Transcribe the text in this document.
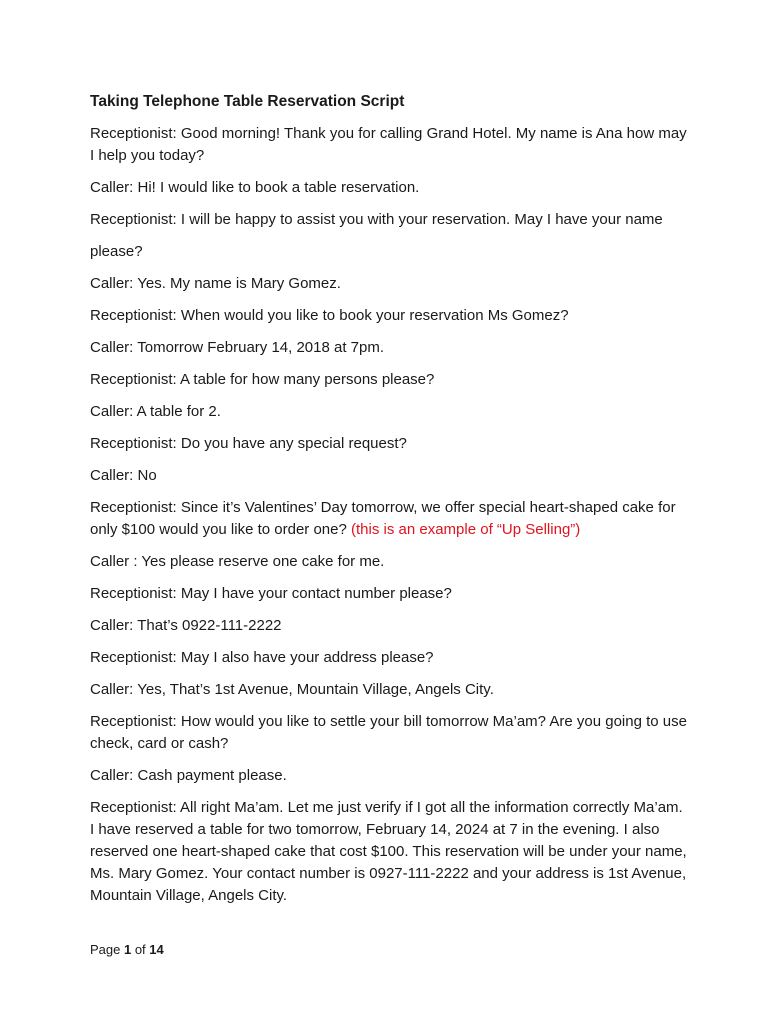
Taking Telephone Table Reservation Script

Receptionist: Good morning! Thank you for calling Grand Hotel. My name is Ana how may I help you today?

Caller: Hi! I would like to book a table reservation.

Receptionist: I will be happy to assist you with your reservation. May I have your name please?

Caller: Yes. My name is Mary Gomez.

Receptionist: When would you like to book your reservation Ms Gomez?

Caller: Tomorrow February 14, 2018 at 7pm.

Receptionist: A table for how many persons please?

Caller: A table for 2.

Receptionist: Do you have any special request?

Caller: No

Receptionist: Since it’s Valentines’ Day tomorrow, we offer special heart-shaped cake for only $100 would you like to order one? (this is an example of “Up Selling”)

Caller : Yes please reserve one cake for me.

Receptionist: May I have your contact number please?

Caller: That’s 0922-111-2222

Receptionist: May I also have your address please?

Caller: Yes, That’s 1st Avenue, Mountain Village, Angels City.

Receptionist: How would you like to settle your bill tomorrow Ma’am? Are you going to use check, card or cash?

Caller: Cash payment please.

Receptionist: All right Ma’am. Let me just verify if I got all the information correctly Ma’am. I have reserved a table for two tomorrow, February 14, 2024 at 7 in the evening. I also reserved one heart-shaped cake that cost $100. This reservation will be under your name, Ms. Mary Gomez. Your contact number is 0927-111-2222 and your address is 1st Avenue, Mountain Village, Angels City.

Page 1 of 14
